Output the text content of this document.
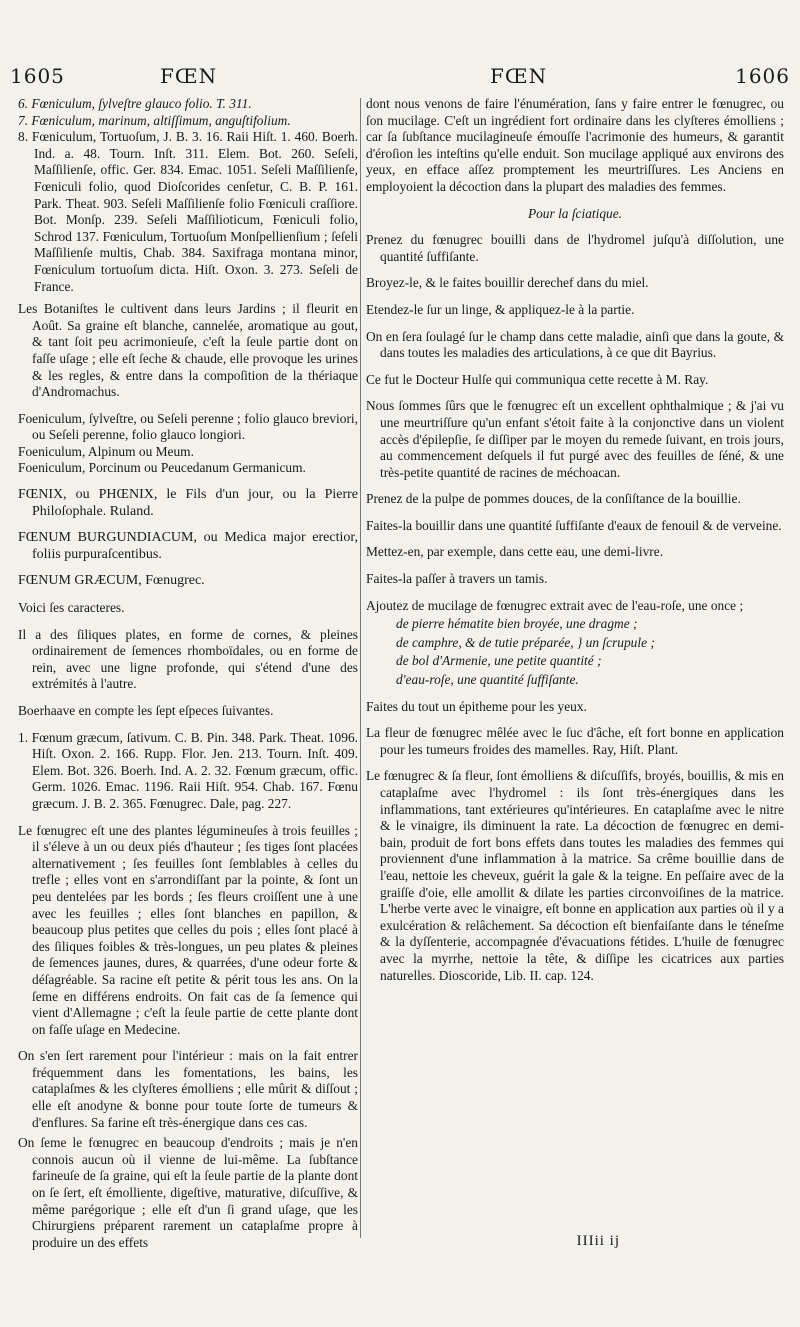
1605	FŒN	FŒN	1606

6. Fœniculum, ſylveſtre glauco folio. T. 311.

7. Fœniculum, marinum, altiſſimum, anguſtifolium.

8. Fœniculum, Tortuoſum, J. B. 3. 16. Raii Hiſt. 1. 460. Boerh. Ind. a. 48. Tourn. Inſt. 311. Elem. Bot. 260. Seſeli, Maſſilienſe, offic. Ger. 834. Emac. 1051. Seſeli Maſſilienſe, Fœniculi folio, quod Dioſcorides cenſetur, C. B. P. 161. Park. Theat. 903. Seſeli Maſſilienſe folio Fœniculi craſſiore. Bot. Monſp. 239. Seſeli Maſſilioticum, Fœniculi folio, Schrod 137. Fœniculum, Tortuoſum Monſpellienſium ; ſeſeli Maſſilienſe multis, Chab. 384. Saxifraga montana minor, Fœniculum tortuoſum dicta. Hiſt. Oxon. 3. 273. Seſeli de France.

Les Botaniſtes le cultivent dans leurs Jardins ; il fleurit en Août. Sa graine eſt blanche, cannelée, aromatique au gout, & tant ſoit peu acrimonieuſe, c'eſt la ſeule partie dont on faſſe uſage ; elle eſt ſeche & chaude, elle provoque les urines & les regles, & entre dans la compoſition de la thériaque d'Andromachus.

Foeniculum, ſylveſtre, ou Seſeli perenne ; folio glauco breviori, ou Seſeli perenne, folio glauco longiori.

Foeniculum, Alpinum ou Meum.

Foeniculum, Porcinum ou Peucedanum Germanicum.

FŒNIX, ou PHŒNIX, le Fils d'un jour, ou la Pierre Philoſophale. Ruland.

FŒNUM BURGUNDIACUM, ou Medica major erectior, foliis purpuraſcentibus.

FŒNUM GRÆCUM, Fœnugrec.

Voici ſes caracteres.

Il a des ſiliques plates, en forme de cornes, & pleines ordinairement de ſemences rhomboïdales, ou en forme de rein, avec une ligne profonde, qui s'étend d'une des extrémités à l'autre.

Boerhaave en compte les ſept eſpeces ſuivantes.

1. Fœnum græcum, ſativum. C. B. Pin. 348. Park. Theat. 1096. Hiſt. Oxon. 2. 166. Rupp. Flor. Jen. 213. Tourn. Inſt. 409. Elem. Bot. 326. Boerh. Ind. A. 2. 32. Fœnum græcum, offic. Germ. 1026. Emac. 1196. Raii Hiſt. 954. Chab. 167. Fœnu græcum. J. B. 2. 365. Fœnugrec. Dale, pag. 227.

Le fœnugrec eſt une des plantes légumineuſes à trois feuilles ; il s'éleve à un ou deux piés d'hauteur ; ſes tiges ſont placées alternativement ; ſes feuilles ſont ſemblables à celles du trefle ; elles vont en s'arrondiſſant par la pointe, & ſont un peu dentelées par les bords ; ſes fleurs croiſſent une à une avec les feuilles ; elles ſont blanches en papillon, & beaucoup plus petites que celles du pois ; elles ſont placé à des ſiliques foibles & très-longues, un peu plates & pleines de ſemences jaunes, dures, & quarrées, d'une odeur forte & déſagréable. Sa racine eſt petite & périt tous les ans. On la ſeme en différens endroits. On fait cas de ſa ſemence qui vient d'Allemagne ; c'eſt la ſeule partie de cette plante dont on faſſe uſage en Medecine.

On s'en ſert rarement pour l'intérieur : mais on la fait entrer fréquemment dans les fomentations, les bains, les cataplaſmes & les clyſteres émolliens ; elle mûrit & diſſout ; elle eſt anodyne & bonne pour toute ſorte de tumeurs & d'enflures. Sa farine eſt très-énergique dans ces cas.

On ſeme le fœnugrec en beaucoup d'endroits ; mais je n'en connois aucun où il vienne de lui-même. La ſubſtance farineuſe de ſa graine, qui eſt la ſeule partie de la plante dont on ſe ſert, eſt émolliente, digeſtive, maturative, diſcuſſive, & même parégorique ; elle eſt d'un ſi grand uſage, que les Chirurgiens préparent rarement un cataplaſme propre à produire un des effets

dont nous venons de faire l'énumération, ſans y faire entrer le fœnugrec, ou ſon mucilage. C'eſt un ingrédient fort ordinaire dans les clyſteres émolliens ; car ſa ſubſtance mucilagineuſe émouſſe l'acrimonie des humeurs, & garantit d'éroſion les inteſtins qu'elle enduit. Son mucilage appliqué aux environs des yeux, en efface aſſez promptement les meurtriſſures. Les Anciens en employoient la décoction dans la plupart des maladies des femmes.

Pour la ſciatique.

Prenez du fœnugrec bouilli dans de l'hydromel juſqu'à diſſolution, une quantité ſuffiſante.

Broyez-le, & le faites bouillir derechef dans du miel.

Etendez-le ſur un linge, & appliquez-le à la partie.

On en ſera ſoulagé ſur le champ dans cette maladie, ainſi que dans la goute, & dans toutes les maladies des articulations, à ce que dit Bayrius.

Ce fut le Docteur Hulſe qui communiqua cette recette à M. Ray.

Nous ſommes ſûrs que le fœnugrec eſt un excellent ophthalmique ; & j'ai vu une meurtriſſure qu'un enfant s'étoit faite à la conjonctive dans un violent accès d'épilepſie, ſe diſſiper par le moyen du remede ſuivant, en trois jours, au commencement deſquels il fut purgé avec des feuilles de ſéné, & une très-petite quantité de racines de méchoacan.

Prenez de la pulpe de pommes douces, de la conſiſtance de la bouillie.

Faites-la bouillir dans une quantité ſuffiſante d'eaux de fenouil & de verveine.

Mettez-en, par exemple, dans cette eau, une demi-livre.

Faites-la paſſer à travers un tamis.

Ajoutez de mucilage de fœnugrec extrait avec de l'eau-roſe, une once ;

de pierre hématite bien broyée, une dragme ;

de camphre, & de tutie préparée, } un ſcrupule ;

de bol d'Armenie, une petite quantité ;

d'eau-roſe, une quantité ſuffiſante.

Faites du tout un épitheme pour les yeux.

La fleur de fœnugrec mêlée avec le ſuc d'âche, eſt fort bonne en application pour les tumeurs froides des mamelles. Ray, Hiſt. Plant.

Le fœnugrec & ſa fleur, ſont émolliens & diſcuſſifs, broyés, bouillis, & mis en cataplaſme avec l'hydromel : ils ſont très-énergiques dans les inflammations, tant extérieures qu'intérieures. En cataplaſme avec le nitre & le vinaigre, ils diminuent la rate. La décoction de fœnugrec en demi-bain, produit de fort bons effets dans toutes les maladies des femmes qui proviennent d'une inflammation à la matrice. Sa crême bouillie dans de l'eau, nettoie les cheveux, guérit la gale & la teigne. En peſſaire avec de la graiſſe d'oie, elle amollit & dilate les parties circonvoiſines de la matrice. L'herbe verte avec le vinaigre, eſt bonne en application aux parties où il y a exulcération & relâchement. Sa décoction eſt bienfaiſante dans le téneſme & la dyſſenterie, accompagnée d'évacuations fétides. L'huile de fœnugrec avec la myrrhe, nettoie la tête, & diſſipe les cicatrices aux parties naturelles. Dioscoride, Lib. II. cap. 124.

IIIii ij
